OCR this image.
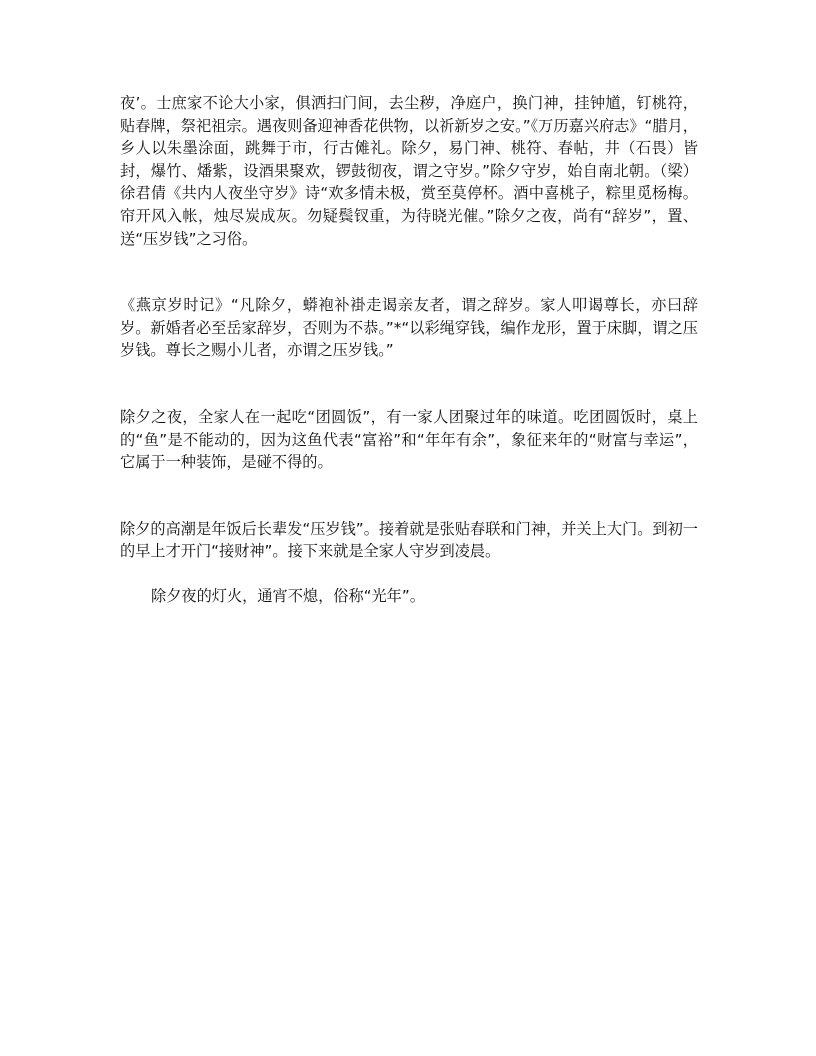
夜’。士庶家不论大小家，俱洒扫门间，去尘秽，净庭户，换门神，挂钟馗，钉桃符，贴春牌，祭祀祖宗。遇夜则备迎神香花供物，以祈新岁之安。”《万历嘉兴府志》“腊月，乡人以朱墨涂面，跳舞于市，行古傩礼。除夕，易门神、桃符、春帖，井（石畏）皆封，爆竹、燔紫，设酒果聚欢，锣鼓彻夜，谓之守岁。”除夕守岁，始自南北朝。（梁）徐君倩《共内人夜坐守岁》诗“欢多情未极，赏至莫停杯。酒中喜桃子，粽里觅杨梅。帘开风入帐，烛尽炭成灰。勿疑鬓钗重，为待晓光催。”除夕之夜，尚有“辞岁”，置、送“压岁钱”之习俗。

《燕京岁时记》“凡除夕，蟒袍补褂走谒亲友者，谓之辞岁。家人叩谒尊长，亦曰辞岁。新婚者必至岳家辞岁，否则为不恭。”*“以彩绳穿钱，编作龙形，置于床脚，谓之压岁钱。尊长之赐小儿者，亦谓之压岁钱。”

除夕之夜，全家人在一起吃“团圆饭”，有一家人团聚过年的味道。吃团圆饭时，桌上的“鱼”是不能动的，因为这鱼代表“富裕”和“年年有余”，象征来年的“财富与幸运”，它属于一种装饰，是碰不得的。

除夕的高潮是年饭后长辈发“压岁钱”。接着就是张贴春联和门神，并关上大门。到初一的早上才开门“接财神”。接下来就是全家人守岁到凌晨。

除夕夜的灯火，通宵不熄，俗称“光年”。
